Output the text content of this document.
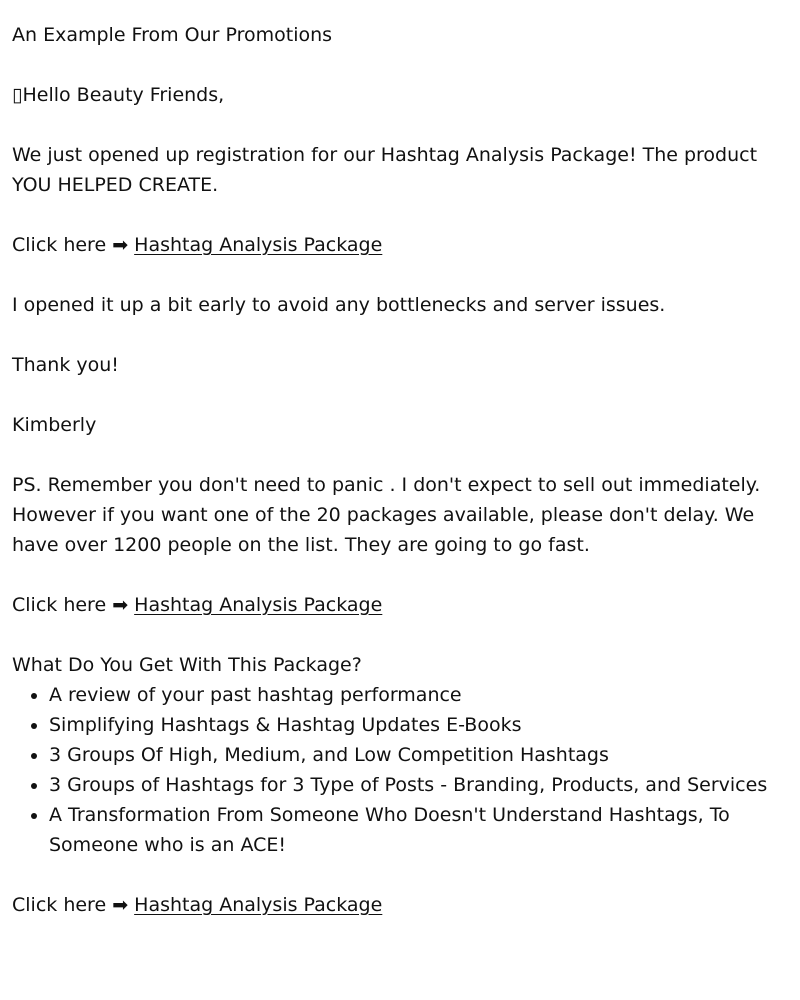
An Example From Our Promotions

▯Hello Beauty Friends,

We just opened up registration for our Hashtag Analysis Package! The product YOU HELPED CREATE.

Click here ➡ Hashtag Analysis Package

I opened it up a bit early to avoid any bottlenecks and server issues.

Thank you!

Kimberly

PS. Remember you don't need to panic . I don't expect to sell out immediately. However if you want one of the 20 packages available, please don't delay. We have over 1200 people on the list. They are going to go fast.

Click here ➡ Hashtag Analysis Package

What Do You Get With This Package?

• A review of your past hashtag performance
• Simplifying Hashtags & Hashtag Updates E-Books
• 3 Groups Of High, Medium, and Low Competition Hashtags
• 3 Groups of Hashtags for 3 Type of Posts - Branding, Products, and Services
• A Transformation From Someone Who Doesn't Understand Hashtags, To Someone who is an ACE!

Click here ➡ Hashtag Analysis Package
